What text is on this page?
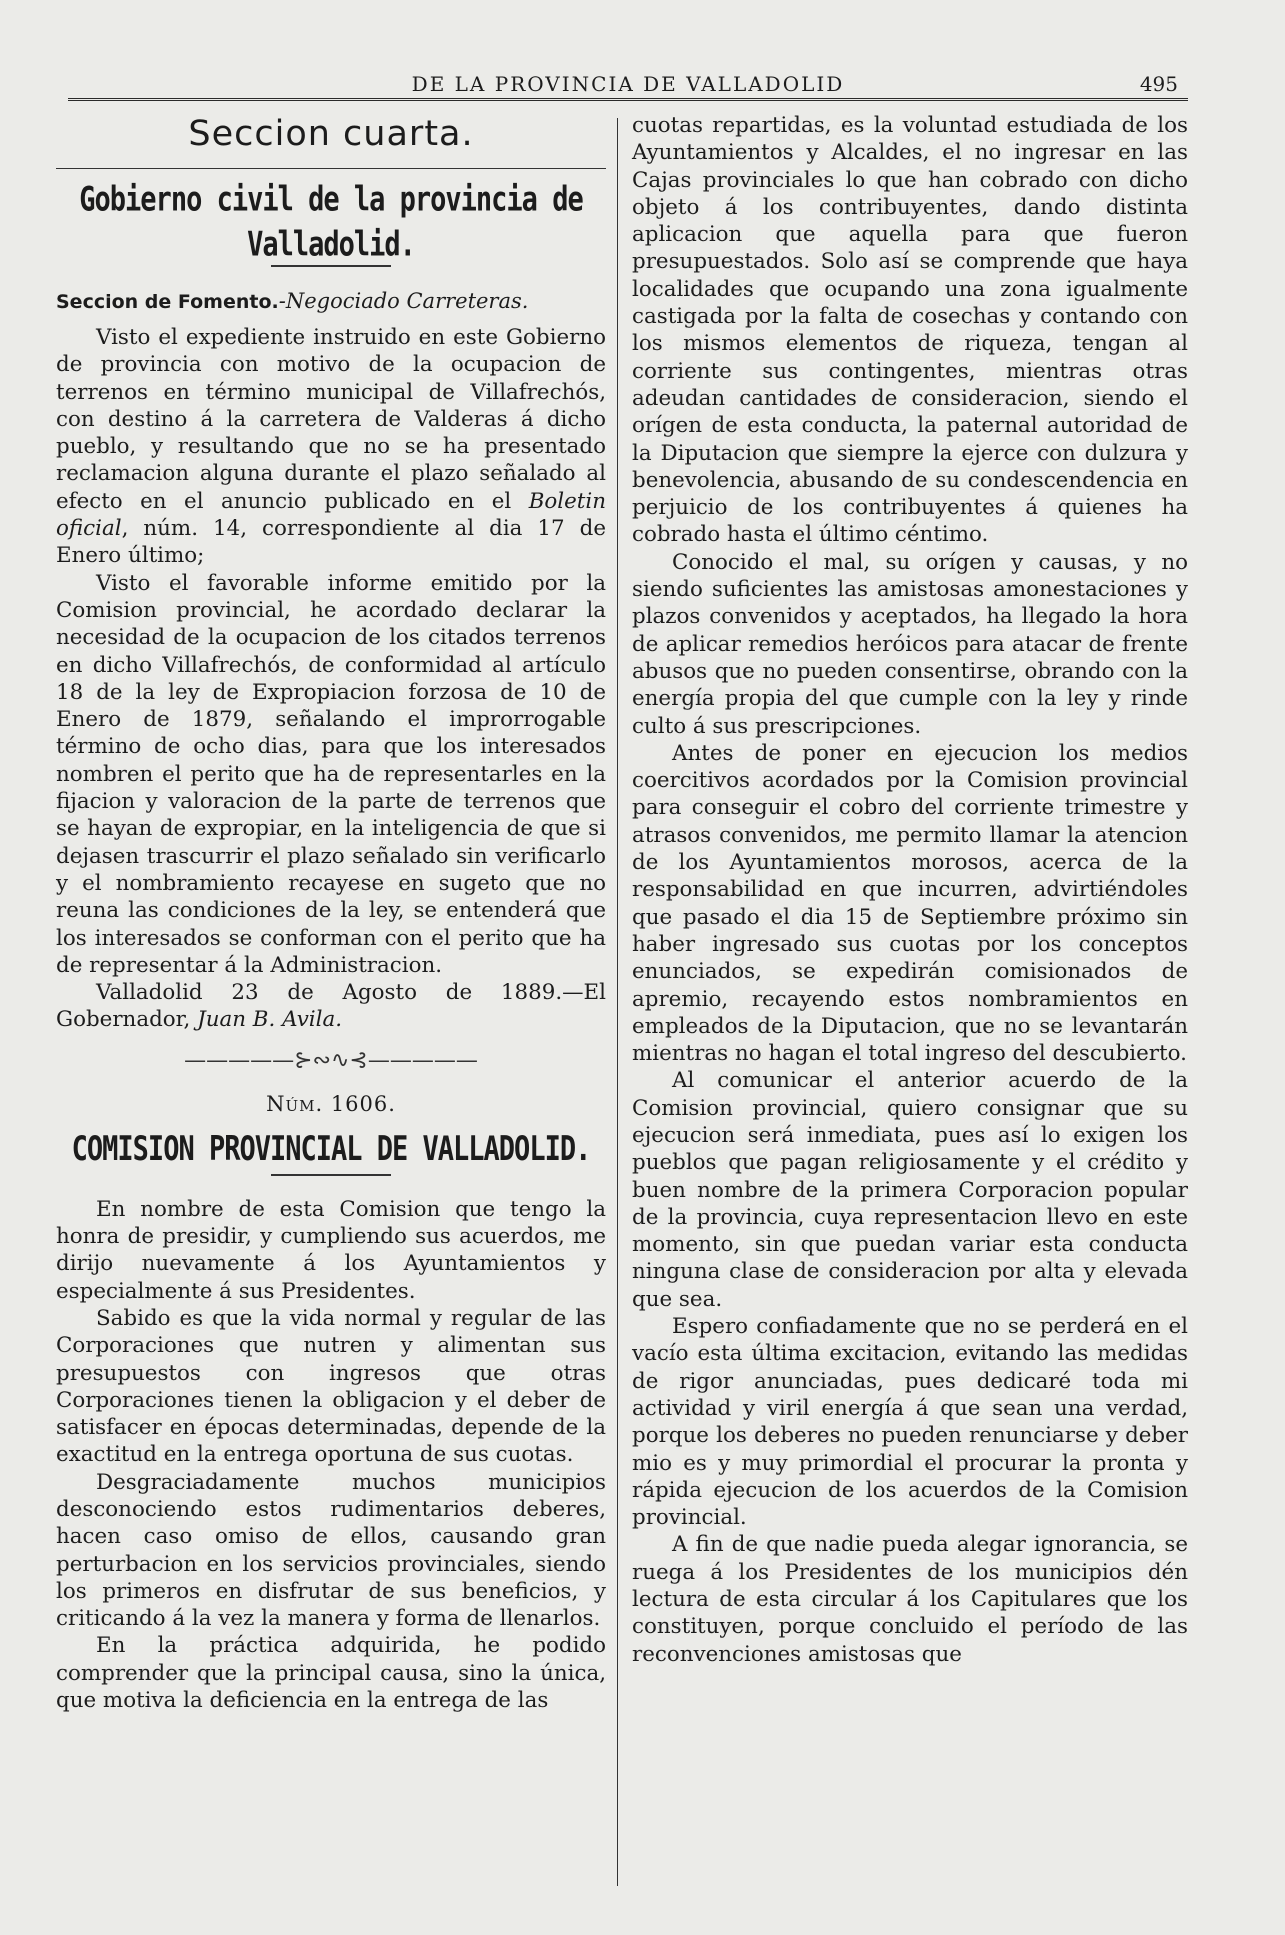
DE LA PROVINCIA DE VALLADOLID	495
Seccion cuarta.
Gobierno civil de la provincia de Valladolid.
Seccion de Fomento.-Negociado Carreteras.

Visto el expediente instruido en este Gobierno de provincia con motivo de la ocupacion de terrenos en término municipal de Villafrechós, con destino á la carretera de Valderas á dicho pueblo, y resultando que no se ha presentado reclamacion alguna durante el plazo señalado al efecto en el anuncio publicado en el Boletin oficial, núm. 14, correspondiente al dia 17 de Enero último;

Visto el favorable informe emitido por la Comision provincial, he acordado declarar la necesidad de la ocupacion de los citados terrenos en dicho Villafrechós, de conformidad al artículo 18 de la ley de Expropiacion forzosa de 10 de Enero de 1879, señalando el improrrogable término de ocho dias, para que los interesados nombren el perito que ha de representarles en la fijacion y valoracion de la parte de terrenos que se hayan de expropiar, en la inteligencia de que si dejasen trascurrir el plazo señalado sin verificarlo y el nombramiento recayese en sugeto que no reuna las condiciones de la ley, se entenderá que los interesados se conforman con el perito que ha de representar á la Administracion.

Valladolid 23 de Agosto de 1889.—El Gobernador, Juan B. Avila.

—————⊱∾∿⊰—————
Núm. 1606.
COMISION PROVINCIAL DE VALLADOLID.

En nombre de esta Comision que tengo la honra de presidir, y cumpliendo sus acuerdos, me dirijo nuevamente á los Ayuntamientos y especialmente á sus Presidentes.

Sabido es que la vida normal y regular de las Corporaciones que nutren y alimentan sus presupuestos con ingresos que otras Corporaciones tienen la obligacion y el deber de satisfacer en épocas determinadas, depende de la exactitud en la entrega oportuna de sus cuotas.

Desgraciadamente muchos municipios desconociendo estos rudimentarios deberes, hacen caso omiso de ellos, causando gran perturbacion en los servicios provinciales, siendo los primeros en disfrutar de sus beneficios, y criticando á la vez la manera y forma de llenarlos.

En la práctica adquirida, he podido comprender que la principal causa, sino la única, que motiva la deficiencia en la entrega de las

cuotas repartidas, es la voluntad estudiada de los Ayuntamientos y Alcaldes, el no ingresar en las Cajas provinciales lo que han cobrado con dicho objeto á los contribuyentes, dando distinta aplicacion que aquella para que fueron presupuestados. Solo así se comprende que haya localidades que ocupando una zona igualmente castigada por la falta de cosechas y contando con los mismos elementos de riqueza, tengan al corriente sus contingentes, mientras otras adeudan cantidades de consideracion, siendo el orígen de esta conducta, la paternal autoridad de la Diputacion que siempre la ejerce con dulzura y benevolencia, abusando de su condescendencia en perjuicio de los contribuyentes á quienes ha cobrado hasta el último céntimo.

Conocido el mal, su orígen y causas, y no siendo suficientes las amistosas amonestaciones y plazos convenidos y aceptados, ha llegado la hora de aplicar remedios heróicos para atacar de frente abusos que no pueden consentirse, obrando con la energía propia del que cumple con la ley y rinde culto á sus prescripciones.

Antes de poner en ejecucion los medios coercitivos acordados por la Comision provincial para conseguir el cobro del corriente trimestre y atrasos convenidos, me permito llamar la atencion de los Ayuntamientos morosos, acerca de la responsabilidad en que incurren, advirtiéndoles que pasado el dia 15 de Septiembre próximo sin haber ingresado sus cuotas por los conceptos enunciados, se expedirán comisionados de apremio, recayendo estos nombramientos en empleados de la Diputacion, que no se levantarán mientras no hagan el total ingreso del descubierto.

Al comunicar el anterior acuerdo de la Comision provincial, quiero consignar que su ejecucion será inmediata, pues así lo exigen los pueblos que pagan religiosamente y el crédito y buen nombre de la primera Corporacion popular de la provincia, cuya representacion llevo en este momento, sin que puedan variar esta conducta ninguna clase de consideracion por alta y elevada que sea.

Espero confiadamente que no se perderá en el vacío esta última excitacion, evitando las medidas de rigor anunciadas, pues dedicaré toda mi actividad y viril energía á que sean una verdad, porque los deberes no pueden renunciarse y deber mio es y muy primordial el procurar la pronta y rápida ejecucion de los acuerdos de la Comision provincial.

A fin de que nadie pueda alegar ignorancia, se ruega á los Presidentes de los municipios dén lectura de esta circular á los Capitulares que los constituyen, porque concluido el período de las reconvenciones amistosas que
